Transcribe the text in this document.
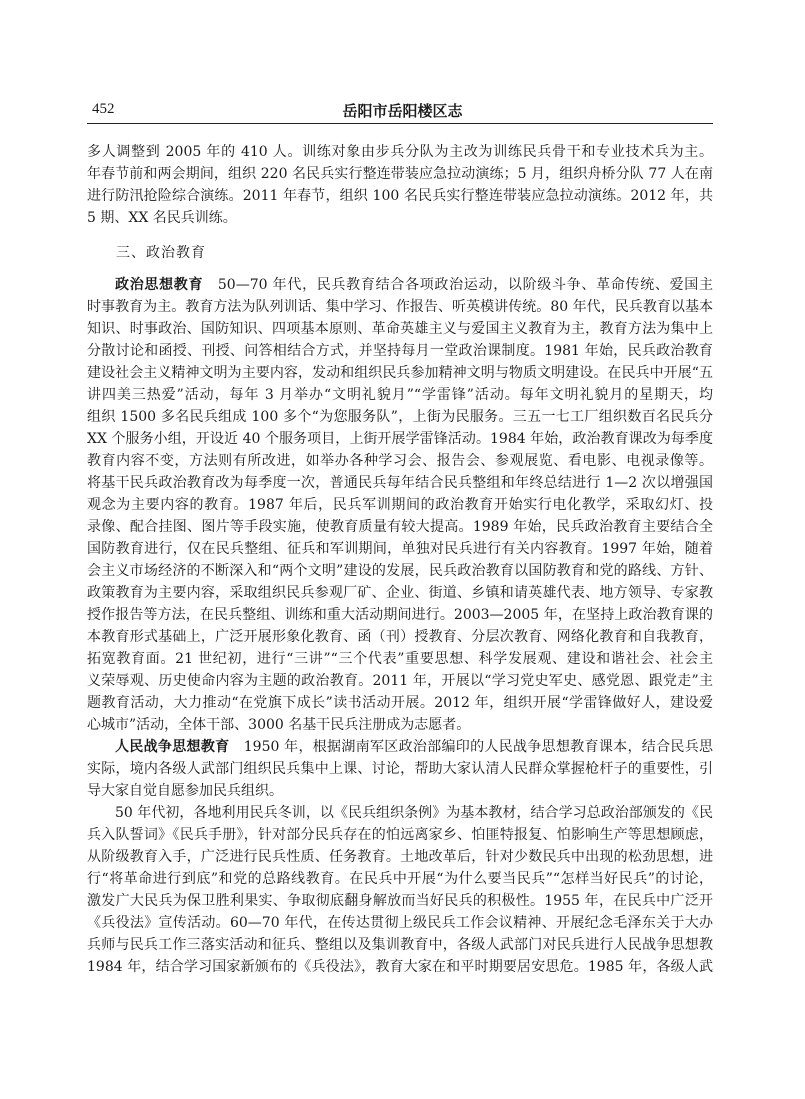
452	岳阳市岳阳楼区志
多人调整到 2005 年的 410 人。训练对象由步兵分队为主改为训练民兵骨干和专业技术兵为主。
年春节前和两会期间，组织 220 名民兵实行整连带装应急拉动演练；5 月，组织舟桥分队 77 人在南
进行防汛抢险综合演练。2011 年春节，组织 100 名民兵实行整连带装应急拉动演练。2012 年，共
5 期、XX 名民兵训练。
三、政治教育
政治思想教育　50—70 年代，民兵教育结合各项政治运动，以阶级斗争、革命传统、爱国主
时事教育为主。教育方法为队列训话、集中学习、作报告、听英模讲传统。80 年代，民兵教育以基本
知识、时事政治、国防知识、四项基本原则、革命英雄主义与爱国主义教育为主，教育方法为集中上
分散讨论和函授、刊授、问答相结合方式，并坚持每月一堂政治课制度。1981 年始，民兵政治教育
建设社会主义精神文明为主要内容，发动和组织民兵参加精神文明与物质文明建设。在民兵中开展“五
讲四美三热爱”活动，每年 3 月举办“文明礼貌月”“学雷锋”活动。每年文明礼貌月的星期天，均
组织 1500 多名民兵组成 100 多个“为您服务队”，上街为民服务。三五一七工厂组织数百名民兵分
XX 个服务小组，开设近 40 个服务项目，上街开展学雷锋活动。1984 年始，政治教育课改为每季度
教育内容不变，方法则有所改进，如举办各种学习会、报告会、参观展览、看电影、电视录像等。
将基干民兵政治教育改为每季度一次，普通民兵每年结合民兵整组和年终总结进行 1—2 次以增强国
观念为主要内容的教育。1987 年后，民兵军训期间的政治教育开始实行电化教学，采取幻灯、投
录像、配合挂图、图片等手段实施，使教育质量有较大提高。1989 年始，民兵政治教育主要结合全
国防教育进行，仅在民兵整组、征兵和军训期间，单独对民兵进行有关内容教育。1997 年始，随着
会主义市场经济的不断深入和“两个文明”建设的发展，民兵政治教育以国防教育和党的路线、方针、
政策教育为主要内容，采取组织民兵参观厂矿、企业、街道、乡镇和请英雄代表、地方领导、专家教
授作报告等方法，在民兵整组、训练和重大活动期间进行。2003—2005 年，在坚持上政治教育课的
本教育形式基础上，广泛开展形象化教育、函（刊）授教育、分层次教育、网络化教育和自我教育，
拓宽教育面。21 世纪初，进行“三讲”“三个代表”重要思想、科学发展观、建设和谐社会、社会主
义荣辱观、历史使命内容为主题的政治教育。2011 年，开展以“学习党史军史、感党恩、跟党走”主
题教育活动，大力推动“在党旗下成长”读书活动开展。2012 年，组织开展“学雷锋做好人，建设爱
心城市”活动，全体干部、3000 名基干民兵注册成为志愿者。
人民战争思想教育　1950 年，根据湖南军区政治部编印的人民战争思想教育课本，结合民兵思
实际，境内各级人武部门组织民兵集中上课、讨论，帮助大家认清人民群众掌握枪杆子的重要性，引
导大家自觉自愿参加民兵组织。
50 年代初，各地利用民兵冬训，以《民兵组织条例》为基本教材，结合学习总政治部颁发的《民
兵入队誓词》《民兵手册》，针对部分民兵存在的怕远离家乡、怕匪特报复、怕影响生产等思想顾虑，
从阶级教育入手，广泛进行民兵性质、任务教育。土地改革后，针对少数民兵中出现的松劲思想，进
行“将革命进行到底”和党的总路线教育。在民兵中开展“为什么要当民兵”“怎样当好民兵”的讨论，
激发广大民兵为保卫胜利果实、争取彻底翻身解放而当好民兵的积极性。1955 年，在民兵中广泛开
《兵役法》宣传活动。60—70 年代，在传达贯彻上级民兵工作会议精神、开展纪念毛泽东关于大办
兵师与民兵工作三落实活动和征兵、整组以及集训教育中，各级人武部门对民兵进行人民战争思想教
1984 年，结合学习国家新颁布的《兵役法》，教育大家在和平时期要居安思危。1985 年，各级人武
